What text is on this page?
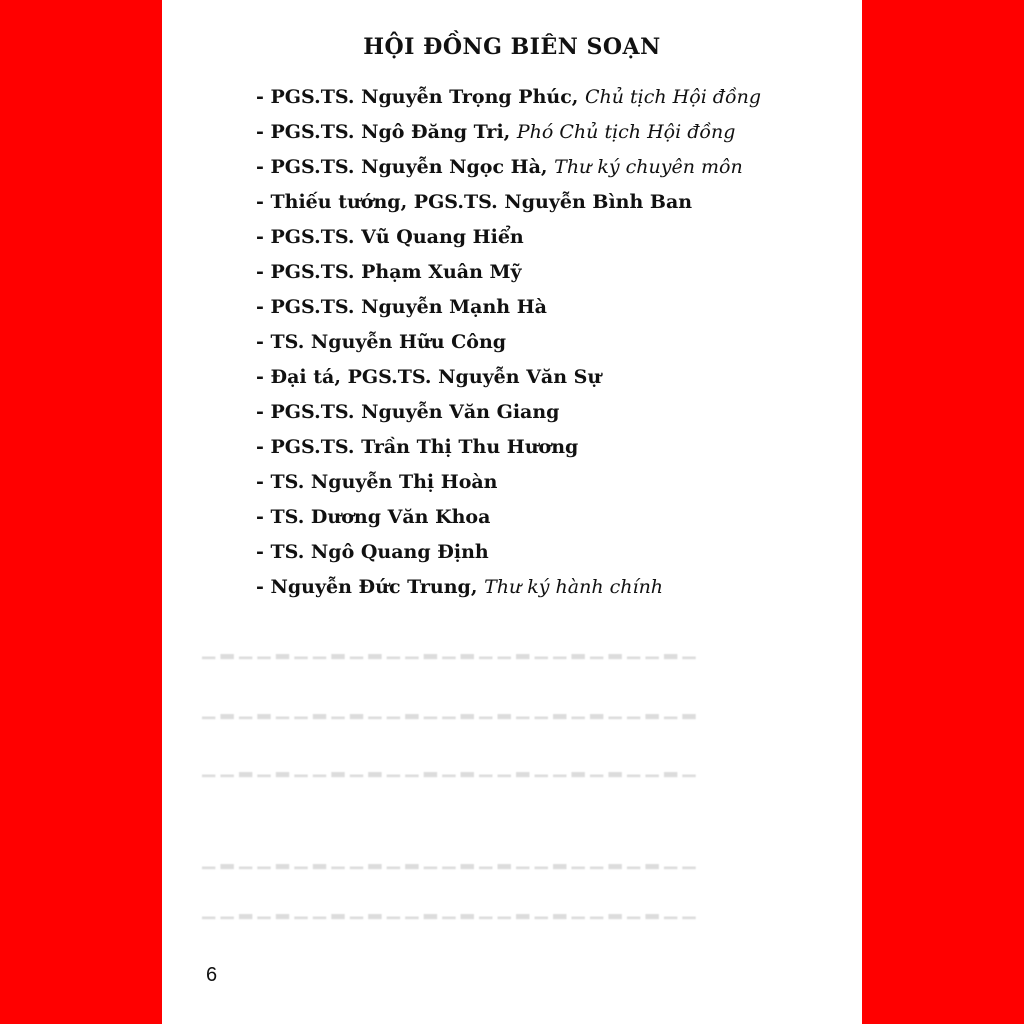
▁ ▂ ▁ ▁ ▂ ▁ ▁ ▂ ▁ ▂ ▁ ▁ ▂ ▁ ▂ ▁ ▁ ▂ ▁ ▁ ▂ ▁ ▂ ▁ ▁ ▂ ▁
▁ ▂ ▁ ▂ ▁ ▁ ▂ ▁ ▂ ▁ ▁ ▂ ▁ ▁ ▂ ▁ ▂ ▁ ▁ ▂ ▁ ▂ ▁ ▁ ▂ ▁ ▂
▁ ▁ ▂ ▁ ▂ ▁ ▁ ▂ ▁ ▂ ▁ ▁ ▂ ▁ ▂ ▁ ▁ ▂ ▁ ▁ ▂ ▁ ▂ ▁ ▁ ▂ ▁
▁ ▂ ▁ ▁ ▂ ▁ ▂ ▁ ▁ ▂ ▁ ▂ ▁ ▁ ▂ ▁ ▂ ▁ ▁ ▂ ▁ ▁ ▂ ▁ ▂ ▁ ▁
▁ ▁ ▂ ▁ ▂ ▁ ▁ ▂ ▁ ▂ ▁ ▁ ▂ ▁ ▂ ▁ ▁ ▂ ▁ ▂ ▁ ▁ ▂ ▁ ▂ ▁ ▁
HỘI ĐỒNG BIÊN SOẠN
- PGS.TS. Nguyễn Trọng Phúc, Chủ tịch Hội đồng
- PGS.TS. Ngô Đăng Tri, Phó Chủ tịch Hội đồng
- PGS.TS. Nguyễn Ngọc Hà, Thư ký chuyên môn
- Thiếu tướng, PGS.TS. Nguyễn Bình Ban
- PGS.TS. Vũ Quang Hiển
- PGS.TS. Phạm Xuân Mỹ
- PGS.TS. Nguyễn Mạnh Hà
- TS. Nguyễn Hữu Công
- Đại tá, PGS.TS. Nguyễn Văn Sự
- PGS.TS. Nguyễn Văn Giang
- PGS.TS. Trần Thị Thu Hương
- TS. Nguyễn Thị Hoàn
- TS. Dương Văn Khoa
- TS. Ngô Quang Định
- Nguyễn Đức Trung, Thư ký hành chính
6
